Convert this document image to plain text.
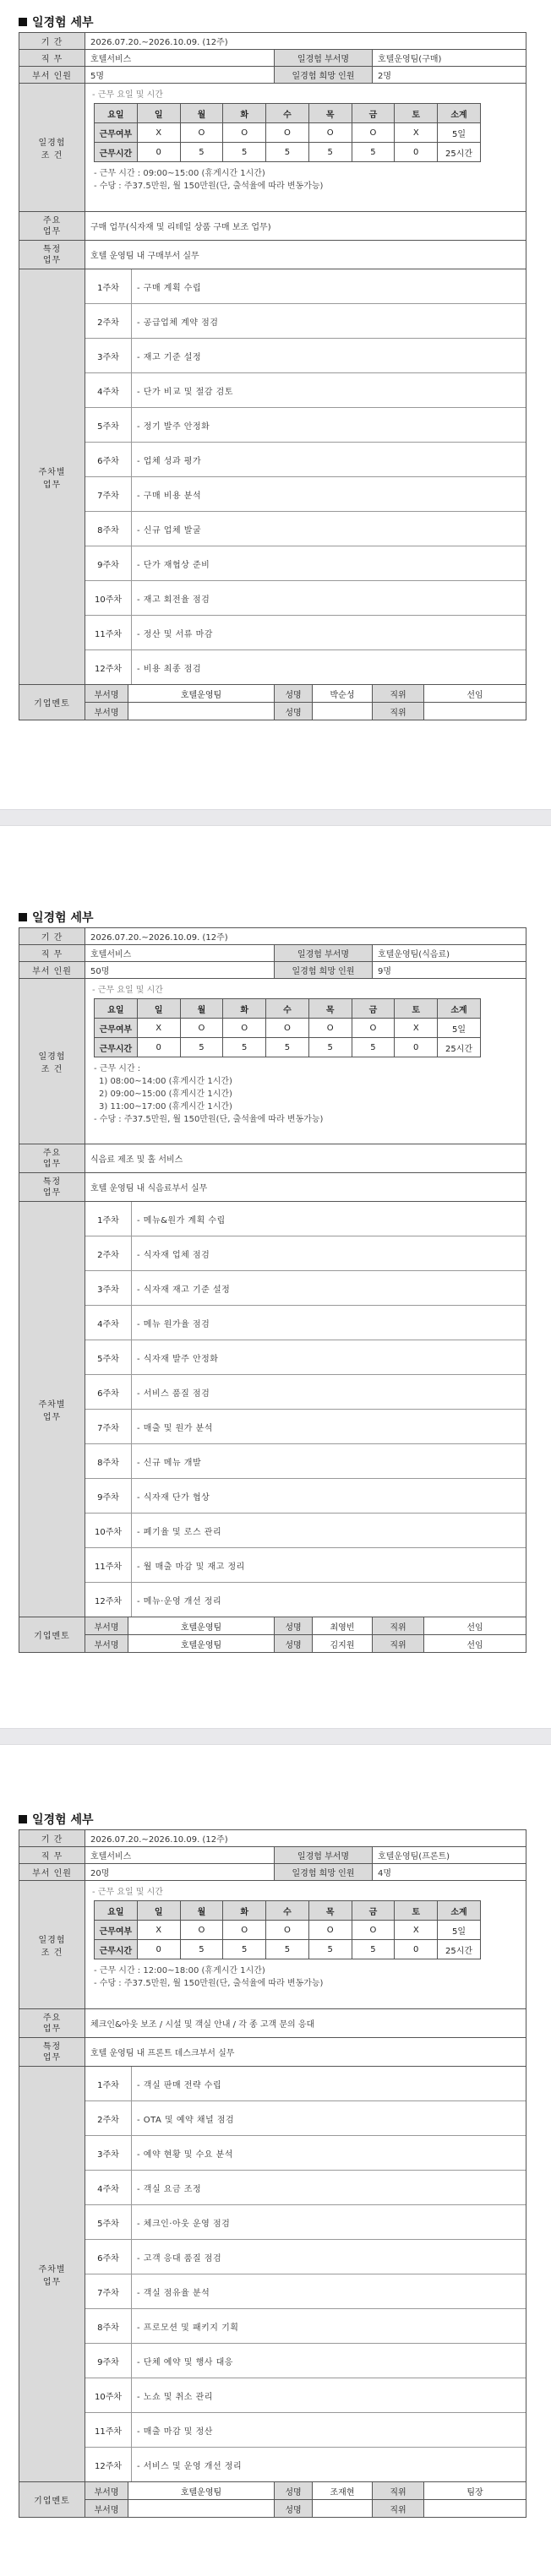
일경험 세부
기 간	2026.07.20.~2026.10.09. (12주)
직 무	호텔서비스	일경험 부서명	호텔운영팀(구매)
부서 인원	5명	일경험 희망 인원	2명
일경험
조 건	
- 근무 요일 및 시간
요일	일	월	화	수	목	금	토	소계
근무여부	X	O	O	O	O	O	X	5일
근무시간	0	5	5	5	5	5	0	25시간
- 근무 시간 : 09:00~15:00 (휴게시간 1시간)
- 수당 : 주37.5만원, 월 150만원(단, 출석율에 따라 변동가능)

주요
업무	구매 업무(식자재 및 리테일 상품 구매 보조 업무)
특정
업무	호텔 운영팀 내 구매부서 실무
주차별
업무	
1주차	- 구매 계획 수립
2주차	- 공급업체 계약 점검
3주차	- 재고 기준 설정
4주차	- 단가 비교 및 절감 검토
5주차	- 정기 발주 안정화
6주차	- 업체 성과 평가
7주차	- 구매 비용 분석
8주차	- 신규 업체 발굴
9주차	- 단가 재협상 준비
10주차	- 재고 회전율 점검
11주차	- 정산 및 서류 마감
12주차	- 비용 최종 점검

기업멘토	
부서명	호텔운영팀	성명	박순성	직위	선임

부서명	성명	직위
일경험 세부
기 간	2026.07.20.~2026.10.09. (12주)
직 무	호텔서비스	일경험 부서명	호텔운영팀(식음료)
부서 인원	50명	일경험 희망 인원	9명
일경험
조 건	
- 근무 요일 및 시간
요일	일	월	화	수	목	금	토	소계
근무여부	X	O	O	O	O	O	X	5일
근무시간	0	5	5	5	5	5	0	25시간
- 근무 시간 :
1) 08:00~14:00 (휴게시간 1시간)
2) 09:00~15:00 (휴게시간 1시간)
3) 11:00~17:00 (휴게시간 1시간)
- 수당 : 주37.5만원, 월 150만원(단, 출석율에 따라 변동가능)

주요
업무	식음료 제조 및 홀 서비스
특정
업무	호텔 운영팀 내 식음료부서 실무
주차별
업무	
1주차	- 메뉴&원가 계획 수립
2주차	- 식자재 업체 점검
3주차	- 식자재 재고 기준 설정
4주차	- 메뉴 원가율 점검
5주차	- 식자재 발주 안정화
6주차	- 서비스 품질 점검
7주차	- 매출 및 원가 분석
8주차	- 신규 메뉴 개발
9주차	- 식자재 단가 협상
10주차	- 폐기율 및 로스 관리
11주차	- 월 매출 마감 및 재고 정리
12주차	- 메뉴·운영 개선 정리

기업멘토	
부서명	호텔운영팀	성명	최영빈	직위	선임

부서명	호텔운영팀	성명	김지원	직위	선임
일경험 세부
기 간	2026.07.20.~2026.10.09. (12주)
직 무	호텔서비스	일경험 부서명	호텔운영팀(프론트)
부서 인원	20명	일경험 희망 인원	4명
일경험
조 건	
- 근무 요일 및 시간
요일	일	월	화	수	목	금	토	소계
근무여부	X	O	O	O	O	O	X	5일
근무시간	0	5	5	5	5	5	0	25시간
- 근무 시간 : 12:00~18:00 (휴게시간 1시간)
- 수당 : 주37.5만원, 월 150만원(단, 출석율에 따라 변동가능)

주요
업무	체크인&아웃 보조 / 시설 및 객실 안내 / 각 종 고객 문의 응대
특정
업무	호텔 운영팀 내 프론트 데스크부서 실무
주차별
업무	
1주차	- 객실 판매 전략 수립
2주차	- OTA 및 예약 채널 점검
3주차	- 예약 현황 및 수요 분석
4주차	- 객실 요금 조정
5주차	- 체크인·아웃 운영 점검
6주차	- 고객 응대 품질 점검
7주차	- 객실 점유율 분석
8주차	- 프로모션 및 패키지 기획
9주차	- 단체 예약 및 행사 대응
10주차	- 노쇼 및 취소 관리
11주차	- 매출 마감 및 정산
12주차	- 서비스 및 운영 개선 정리

기업멘토	
부서명	호텔운영팀	성명	조재현	직위	팀장

부서명	성명	직위
